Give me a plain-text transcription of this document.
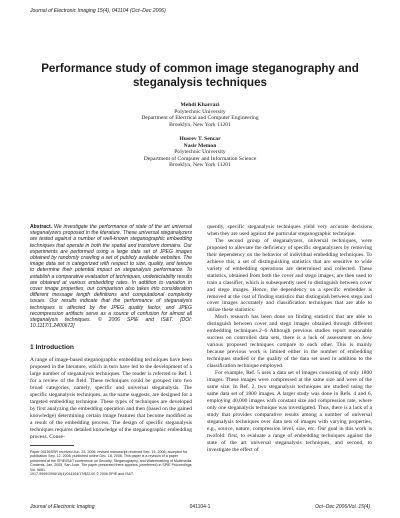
Journal of Electronic Imaging 15(4), 041104 (Oct–Dec 2006)
Performance study of common image steganography and steganalysis techniques
Mehdi Kharrazi
Polytechnic University
Department of Electrical and Computer Engineering
Brooklyn, New York 11201
Husrev T. Sencar
Nasir Memon
Polytechnic University
Department of Computer and Information Science
Brooklyn, New York 11201
Abstract. We investigate the performance of state of the art universal steganalyzers proposed in the literature. These universal steganalyzers are tested against a number of well-known steganographic embedding techniques that operate in both the spatial and transform domains. Our experiments are performed using a large data set of JPEG images obtained by randomly crawling a set of publicly available websites. The image data set is categorized with respect to size, quality, and texture to determine their potential impact on steganalysis performance. To establish a comparative evaluation of techniques, undetectability results are obtained at various embedding rates. In addition to variation in cover image properties, our comparison also takes into consideration different message length definitions and computational complexity issues. Our results indicate that the performance of steganalysis techniques is affected by the JPEG quality factor, and JPEG recompression artifacts serve as a source of confusion for almost all steganalysis techniques. © 2006 SPIE and IS&T. [DOI: 10.1117/1.2400672]
1 Introduction

A range of image-based steganographic embedding techniques have been proposed in the literature, which in turn have led to the development of a large number of steganalysis techniques. The reader is referred to Ref. 1 for a review of the field. These techniques could be grouped into two broad categories, namely, specific and universal steganalysis. The specific steganalysis techniques, as the name suggests, are designed for a targeted embedding technique. These types of techniques are developed by first analyzing the embedding operation and then (based on the gained knowledge) determining certain image features that become modified as a result of the embedding process. The design of specific steganalysis techniques requires detailed knowledge of the steganographic embedding process. Conse-

Paper 06155SSR received Jun. 23, 2006; revised manuscript received Sep. 15, 2006; accepted for publication Sep. 12, 2006; published online Dec. 18, 2006. This paper is a revision of a paper presented at the SPIE/IS&T conference on Security, Steganography, and Watermarking of Multimedia Contents, Jan. 2005, San Jose. The paper presented there appears (unreferred) in SPIE Proceedings Vol. 5681.
1017-9909/2006/15(4)/041104/17/$22.00 © 2006 SPIE and IS&T.

quently, specific steganalysis techniques yield very accurate decisions when they are used against the particular steganographic technique.

The second group of steganalyzers, universal techniques, were proposed to alleviate the deficiency of specific steganalyzers by removing their dependency on the behavior of individual embedding techniques. To achieve this, a set of distinguishing statistics that are sensitive to wide variety of embedding operations are determined and collected. These statistics, obtained from both the cover and stego images, are then used to train a classifier, which is subsequently used to distinguish between cover and stego images. Hence, the dependency on a specific embedder is removed at the cost of finding statistics that distinguish between stego and cover images accurately and classification techniques that are able to utilize these statistics.

Much research has been done on finding statistics that are able to distinguish between cover and stego images obtained through different embedding techniques.2–6 Although previous studies report reasonable success on controlled data sets, there is a lack of assessment on how various proposed techniques compare to each other. This is mainly because previous work is limited either in the number of embedding techniques studied or the quality of the data set used in addition to the classification technique employed.

For example, Ref. 5 uses a data set of images consisting of only 1800 images. These images were compressed at the same size and were of the same size. In Ref. 2, two steganalysis techniques are studied using the same data set of 1800 images. A larger study was done in Refs. 4 and 6, employing 40,000 images with constant size and compression rate, where only one steganalysis technique was investigated. Thus, there is a lack of a study that provides comparative results among a number of universal steganalysis techniques over data sets of images with varying properties, e.g., source, nature, compression level, size, etc. Our goal in this work is twofold: first, to evaluate a range of embedding techniques against the state of the art universal steganalysis techniques, and second, to investigate the effect of

Journal of Electronic Imaging	041104-1	Oct–Dec 2006/Vol. 15(4)
